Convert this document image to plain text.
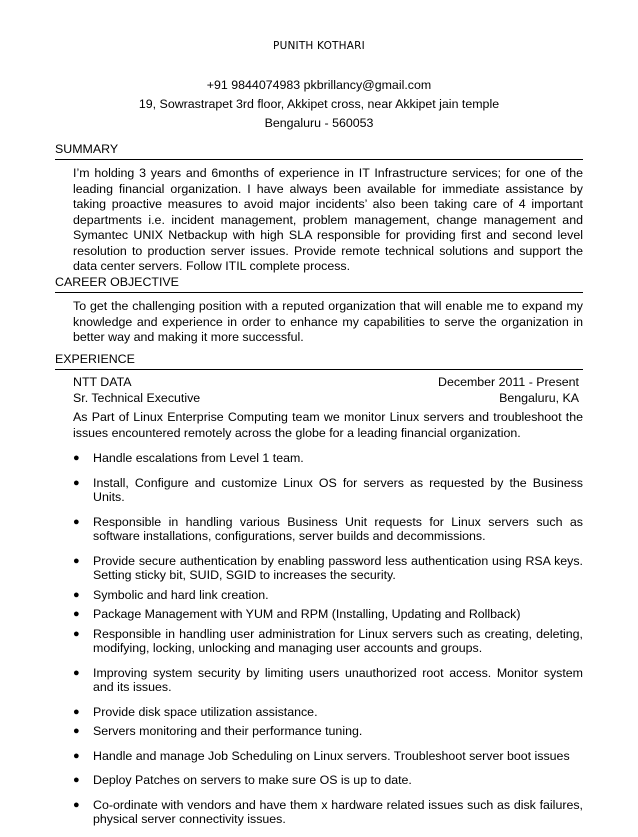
PUNITH KOTHARI
+91 9844074983 pkbrillancy@gmail.com
19, Sowrastrapet 3rd floor, Akkipet cross, near Akkipet jain temple
Bengaluru - 560053
SUMMARY

I’m holding 3 years and 6months of experience in IT Infrastructure services; for one of the leading financial organization. I have always been available for immediate assistance by taking proactive measures to avoid major incidents’ also been taking care of 4 important departments i.e. incident management, problem management, change management and Symantec UNIX Netbackup with high SLA responsible for providing first and second level resolution to production server issues. Provide remote technical solutions and support the data center servers. Follow ITIL complete process.

CAREER OBJECTIVE

To get the challenging position with a reputed organization that will enable me to expand my knowledge and experience in order to enhance my capabilities to serve the organization in better way and making it more successful.

EXPERIENCE
NTT DATA	December 2011 - Present
Sr. Technical Executive	Bengaluru, KA

As Part of Linux Enterprise Computing team we monitor Linux servers and troubleshoot the issues encountered remotely across the globe for a leading financial organization.

● Handle escalations from Level 1 team.
● Install, Configure and customize Linux OS for servers as requested by the Business Units.
● Responsible in handling various Business Unit requests for Linux servers such as software installations, configurations, server builds and decommissions.
● Provide secure authentication by enabling password less authentication using RSA keys. Setting sticky bit, SUID, SGID to increases the security.
● Symbolic and hard link creation.
● Package Management with YUM and RPM (Installing, Updating and Rollback)
● Responsible in handling user administration for Linux servers such as creating, deleting, modifying, locking, unlocking and managing user accounts and groups.
● Improving system security by limiting users unauthorized root access. Monitor system and its issues.
● Provide disk space utilization assistance.
● Servers monitoring and their performance tuning.
● Handle and manage Job Scheduling on Linux servers. Troubleshoot server boot issues
● Deploy Patches on servers to make sure OS is up to date.
● Co-ordinate with vendors and have them x hardware related issues such as disk failures, physical server connectivity issues.
